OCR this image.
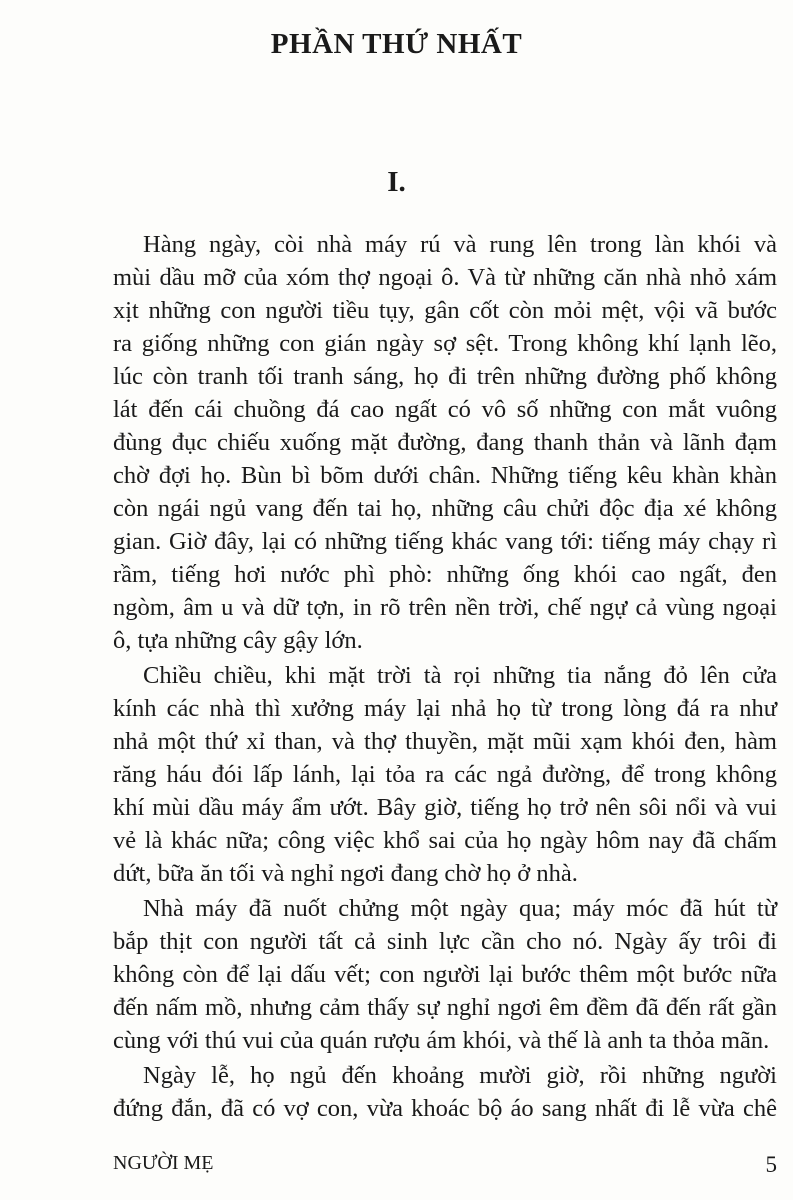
PHẦN THỨ NHẤT
I.
Hàng ngày, còi nhà máy rú và rung lên trong làn khói và
mùi dầu mỡ của xóm thợ ngoại ô. Và từ những căn nhà nhỏ xám
xịt những con người tiều tụy, gân cốt còn mỏi mệt, vội vã bước
ra giống những con gián ngày sợ sệt. Trong không khí lạnh lẽo,
lúc còn tranh tối tranh sáng, họ đi trên những đường phố không
lát đến cái chuồng đá cao ngất có vô số những con mắt vuông
đùng đục chiếu xuống mặt đường, đang thanh thản và lãnh đạm
chờ đợi họ. Bùn bì bõm dưới chân. Những tiếng kêu khàn khàn
còn ngái ngủ vang đến tai họ, những câu chửi độc địa xé không
gian. Giờ đây, lại có những tiếng khác vang tới: tiếng máy chạy rì
rầm, tiếng hơi nước phì phò: những ống khói cao ngất, đen
ngòm, âm u và dữ tợn, in rõ trên nền trời, chế ngự cả vùng ngoại
ô, tựa những cây gậy lớn.
Chiều chiều, khi mặt trời tà rọi những tia nắng đỏ lên cửa
kính các nhà thì xưởng máy lại nhả họ từ trong lòng đá ra như
nhả một thứ xỉ than, và thợ thuyền, mặt mũi xạm khói đen, hàm
răng háu đói lấp lánh, lại tỏa ra các ngả đường, để trong không
khí mùi dầu máy ẩm ướt. Bây giờ, tiếng họ trở nên sôi nổi và vui
vẻ là khác nữa; công việc khổ sai của họ ngày hôm nay đã chấm
dứt, bữa ăn tối và nghỉ ngơi đang chờ họ ở nhà.
Nhà máy đã nuốt chửng một ngày qua; máy móc đã hút từ
bắp thịt con người tất cả sinh lực cần cho nó. Ngày ấy trôi đi
không còn để lại dấu vết; con người lại bước thêm một bước nữa
đến nấm mồ, nhưng cảm thấy sự nghỉ ngơi êm đềm đã đến rất gần
cùng với thú vui của quán rượu ám khói, và thế là anh ta thỏa mãn.
Ngày lễ, họ ngủ đến khoảng mười giờ, rồi những người
đứng đắn, đã có vợ con, vừa khoác bộ áo sang nhất đi lễ vừa chê
NGƯỜI MẸ	5
